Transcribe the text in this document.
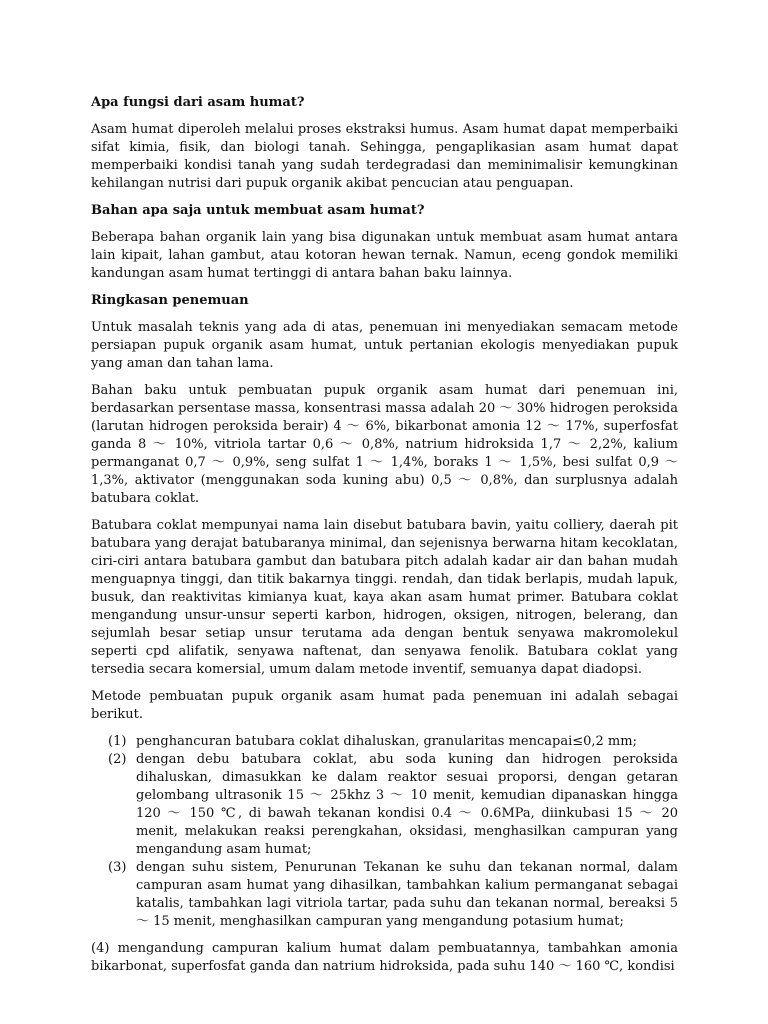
Apa fungsi dari asam humat?

Asam humat diperoleh melalui proses ekstraksi humus. Asam humat dapat memperbaiki sifat kimia, fisik, dan biologi tanah. Sehingga, pengaplikasian asam humat dapat memperbaiki kondisi tanah yang sudah terdegradasi dan meminimalisir kemungkinan kehilangan nutrisi dari pupuk organik akibat pencucian atau penguapan.

Bahan apa saja untuk membuat asam humat?

Beberapa bahan organik lain yang bisa digunakan untuk membuat asam humat antara lain kipait, lahan gambut, atau kotoran hewan ternak. Namun, eceng gondok memiliki kandungan asam humat tertinggi di antara bahan baku lainnya.

Ringkasan penemuan

Untuk masalah teknis yang ada di atas, penemuan ini menyediakan semacam metode persiapan pupuk organik asam humat, untuk pertanian ekologis menyediakan pupuk yang aman dan tahan lama.

Bahan baku untuk pembuatan pupuk organik asam humat dari penemuan ini, berdasarkan persentase massa, konsentrasi massa adalah 20 〜 30% hidrogen peroksida (larutan hidrogen peroksida berair) 4 〜 6%, bikarbonat amonia 12 〜 17%, superfosfat ganda 8 〜 10%, vitriola tartar 0,6 〜 0,8%, natrium hidroksida 1,7 〜 2,2%, kalium permanganat 0,7 〜 0,9%, seng sulfat 1 〜 1,4%, boraks 1 〜 1,5%, besi sulfat 0,9 〜 1,3%, aktivator (menggunakan soda kuning abu) 0,5 〜 0,8%, dan surplusnya adalah batubara coklat.

Batubara coklat mempunyai nama lain disebut batubara bavin, yaitu colliery, daerah pit batubara yang derajat batubaranya minimal, dan sejenisnya berwarna hitam kecoklatan, ciri-ciri antara batubara gambut dan batubara pitch adalah kadar air dan bahan mudah menguapnya tinggi, dan titik bakarnya tinggi. rendah, dan tidak berlapis, mudah lapuk, busuk, dan reaktivitas kimianya kuat, kaya akan asam humat primer. Batubara coklat mengandung unsur-unsur seperti karbon, hidrogen, oksigen, nitrogen, belerang, dan sejumlah besar setiap unsur terutama ada dengan bentuk senyawa makromolekul seperti cpd alifatik, senyawa naftenat, dan senyawa fenolik. Batubara coklat yang tersedia secara komersial, umum dalam metode inventif, semuanya dapat diadopsi.

Metode pembuatan pupuk organik asam humat pada penemuan ini adalah sebagai berikut.

(1) penghancuran batubara coklat dihaluskan, granularitas mencapai≤0,2 mm;
(2) dengan debu batubara coklat, abu soda kuning dan hidrogen peroksida dihaluskan, dimasukkan ke dalam reaktor sesuai proporsi, dengan getaran gelombang ultrasonik 15 〜 25khz 3 〜 10 menit, kemudian dipanaskan hingga 120 〜 150 ℃, di bawah tekanan kondisi 0.4 〜 0.6MPa, diinkubasi 15 〜 20 menit, melakukan reaksi perengkahan, oksidasi, menghasilkan campuran yang mengandung asam humat;
(3) dengan suhu sistem, Penurunan Tekanan ke suhu dan tekanan normal, dalam campuran asam humat yang dihasilkan, tambahkan kalium permanganat sebagai katalis, tambahkan lagi vitriola tartar, pada suhu dan tekanan normal, bereaksi 5 〜 15 menit, menghasilkan campuran yang mengandung potasium humat;

(4) mengandung campuran kalium humat dalam pembuatannya, tambahkan amonia bikarbonat, superfosfat ganda dan natrium hidroksida, pada suhu 140 〜 160 ℃, kondisi
